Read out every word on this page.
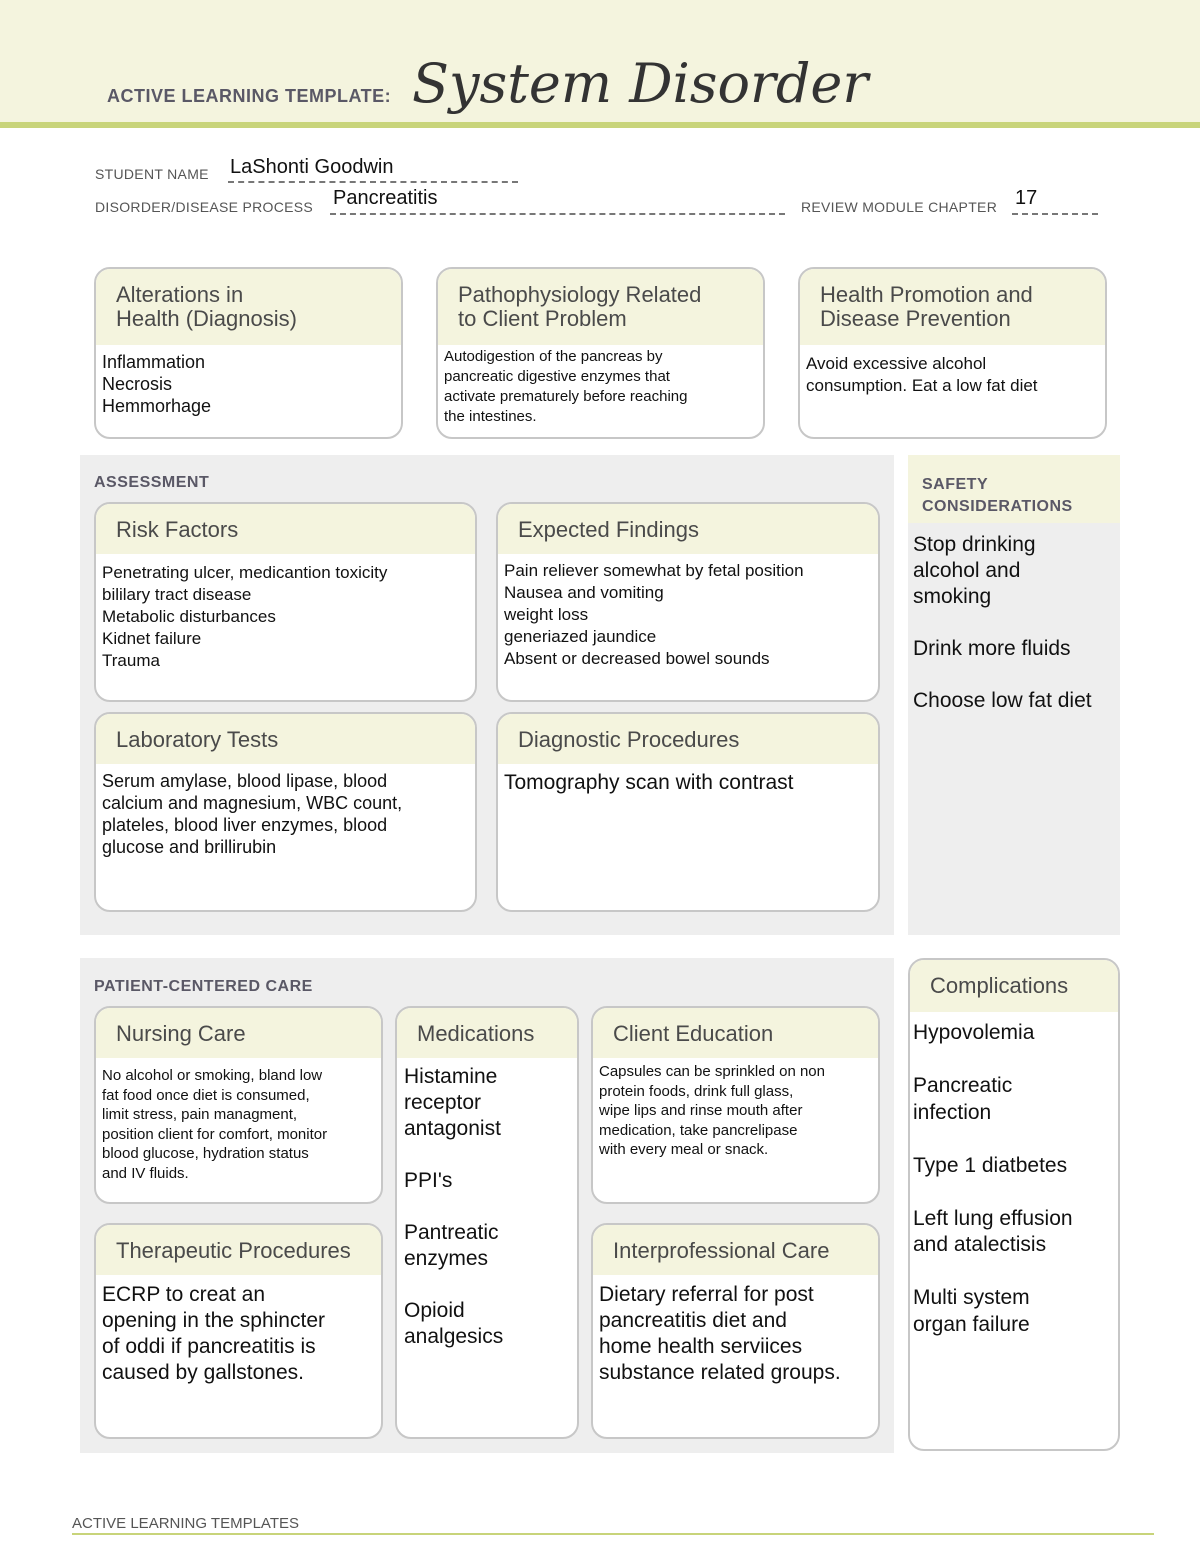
ACTIVE LEARNING TEMPLATE: System Disorder
STUDENT NAME LaShonti Goodwin
DISORDER/DISEASE PROCESS Pancreatitis	REVIEW MODULE CHAPTER 17
Alterations in
Health (Diagnosis)
Inflammation
Necrosis
Hemmorhage
Pathophysiology Related
to Client Problem
Autodigestion of the pancreas by
pancreatic digestive enzymes that
activate prematurely before reaching
the intestines.
Health Promotion and
Disease Prevention
Avoid excessive alcohol
consumption. Eat a low fat diet
ASSESSMENT
Risk Factors
Penetrating ulcer, medicantion toxicity
bililary tract disease
Metabolic disturbances
Kidnet failure
Trauma
Expected Findings
Pain reliever somewhat by fetal position
Nausea and vomiting
weight loss
generiazed jaundice
Absent or decreased bowel sounds
Laboratory Tests
Serum amylase, blood lipase, blood
calcium and magnesium, WBC count,
plateles, blood liver enzymes, blood
glucose and brillirubin
Diagnostic Procedures
Tomography scan with contrast
SAFETY
CONSIDERATIONS
Stop drinking
alcohol and
smoking

Drink more fluids

Choose low fat diet
PATIENT-CENTERED CARE
Nursing Care
No alcohol or smoking, bland low
fat food once diet is consumed,
limit stress, pain managment,
position client for comfort, monitor
blood glucose, hydration status
and IV fluids.
Medications
Histamine
receptor
antagonist

PPI's

Pantreatic
enzymes

Opioid
analgesics
Client Education
Capsules can be sprinkled on non
protein foods, drink full glass,
wipe lips and rinse mouth after
medication, take pancrelipase
with every meal or snack.
Therapeutic Procedures
ECRP to creat an
opening in the sphincter
of oddi if pancreatitis is
caused by gallstones.
Interprofessional Care
Dietary referral for post
pancreatitis diet and
home health serviices
substance related groups.
Complications
Hypovolemia

Pancreatic
infection

Type 1 diatbetes

Left lung effusion
and atalectisis

Multi system
organ failure
ACTIVE LEARNING TEMPLATES
